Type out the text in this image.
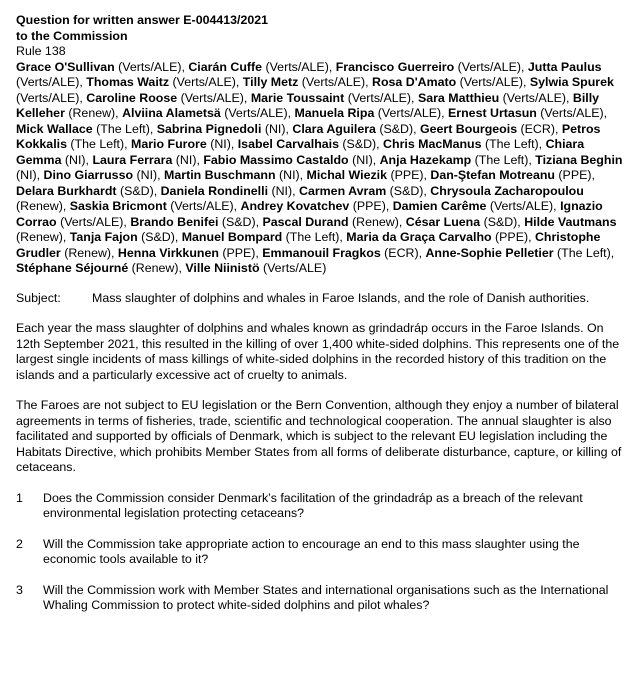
Question for written answer E-004413/2021
to the Commission
Rule 138
Grace O'Sullivan (Verts/ALE), Ciarán Cuffe (Verts/ALE), Francisco Guerreiro (Verts/ALE), Jutta Paulus (Verts/ALE), Thomas Waitz (Verts/ALE), Tilly Metz (Verts/ALE), Rosa D'Amato (Verts/ALE), Sylwia Spurek (Verts/ALE), Caroline Roose (Verts/ALE), Marie Toussaint (Verts/ALE), Sara Matthieu (Verts/ALE), Billy Kelleher (Renew), Alviina Alametsä (Verts/ALE), Manuela Ripa (Verts/ALE), Ernest Urtasun (Verts/ALE), Mick Wallace (The Left), Sabrina Pignedoli (NI), Clara Aguilera (S&D), Geert Bourgeois (ECR), Petros Kokkalis (The Left), Mario Furore (NI), Isabel Carvalhais (S&D), Chris MacManus (The Left), Chiara Gemma (NI), Laura Ferrara (NI), Fabio Massimo Castaldo (NI), Anja Hazekamp (The Left), Tiziana Beghin (NI), Dino Giarrusso (NI), Martin Buschmann (NI), Michal Wiezik (PPE), Dan-Ştefan Motreanu (PPE), Delara Burkhardt (S&D), Daniela Rondinelli (NI), Carmen Avram (S&D), Chrysoula Zacharopoulou (Renew), Saskia Bricmont (Verts/ALE), Andrey Kovatchev (PPE), Damien Carême (Verts/ALE), Ignazio Corrao (Verts/ALE), Brando Benifei (S&D), Pascal Durand (Renew), César Luena (S&D), Hilde Vautmans (Renew), Tanja Fajon (S&D), Manuel Bompard (The Left), Maria da Graça Carvalho (PPE), Christophe Grudler (Renew), Henna Virkkunen (PPE), Emmanouil Fragkos (ECR), Anne-Sophie Pelletier (The Left), Stéphane Séjourné (Renew), Ville Niinistö (Verts/ALE)
Subject:	Mass slaughter of dolphins and whales in Faroe Islands, and the role of Danish authorities.
Each year the mass slaughter of dolphins and whales known as grindadráp occurs in the Faroe Islands. On 12th September 2021, this resulted in the killing of over 1,400 white-sided dolphins. This represents one of the largest single incidents of mass killings of white-sided dolphins in the recorded history of this tradition on the islands and a particularly excessive act of cruelty to animals.
The Faroes are not subject to EU legislation or the Bern Convention, although they enjoy a number of bilateral agreements in terms of fisheries, trade, scientific and technological cooperation. The annual slaughter is also facilitated and supported by officials of Denmark, which is subject to the relevant EU legislation including the Habitats Directive, which prohibits Member States from all forms of deliberate disturbance, capture, or killing of cetaceans.
1	Does the Commission consider Denmark’s facilitation of the grindadráp as a breach of the relevant environmental legislation protecting cetaceans?
2	Will the Commission take appropriate action to encourage an end to this mass slaughter using the economic tools available to it?
3	Will the Commission work with Member States and international organisations such as the International Whaling Commission to protect white-sided dolphins and pilot whales?
